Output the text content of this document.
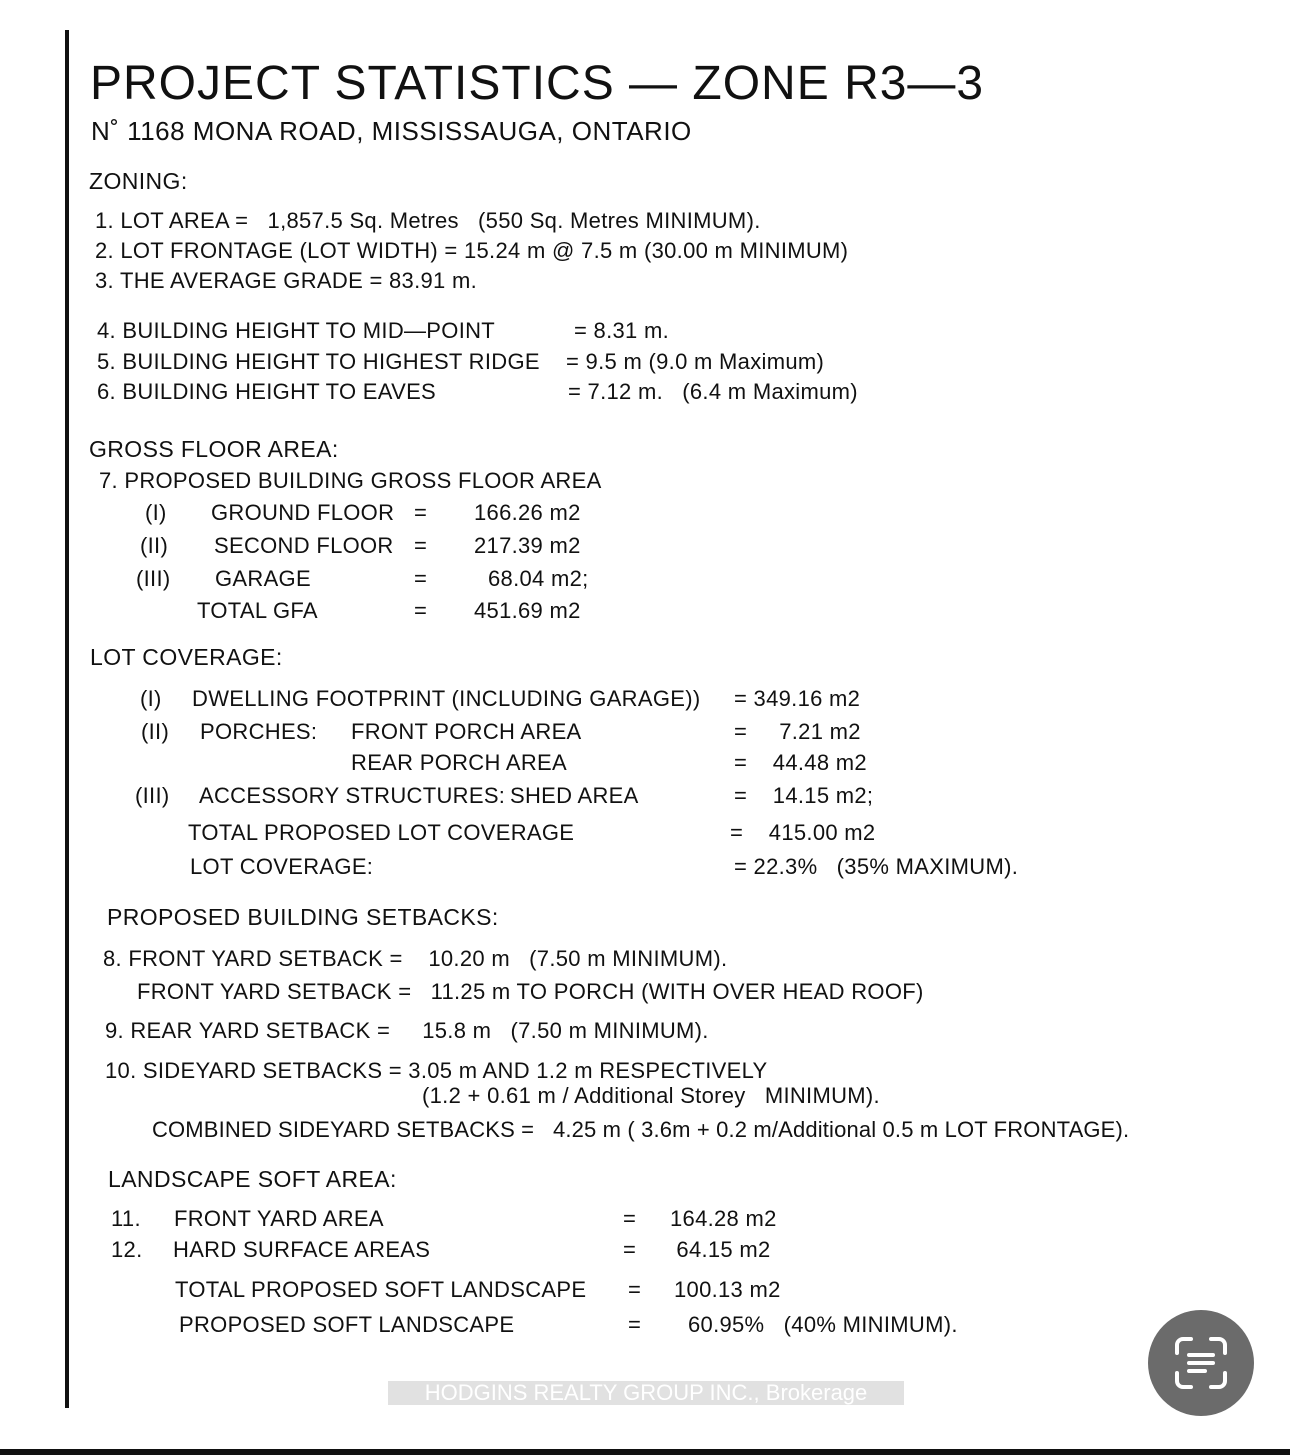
PROJECT STATISTICS — ZONE R3—3
N˚ 1168 MONA ROAD, MISSISSAUGA, ONTARIO
ZONING:
1. LOT AREA =   1,857.5 Sq. Metres   (550 Sq. Metres MINIMUM).
2. LOT FRONTAGE (LOT WIDTH) = 15.24 m @ 7.5 m (30.00 m MINIMUM)
3. THE AVERAGE GRADE = 83.91 m.
4. BUILDING HEIGHT TO MID—POINT	= 8.31 m.
5. BUILDING HEIGHT TO HIGHEST RIDGE = 9.5 m (9.0 m Maximum)
6. BUILDING HEIGHT TO EAVES	= 7.12 m.   (6.4 m Maximum)
GROSS FLOOR AREA:
7. PROPOSED BUILDING GROSS FLOOR AREA
(I) GROUND FLOOR = 166.26 m2
(II) SECOND FLOOR = 217.39 m2
(III) GARAGE	=	68.04 m2;
TOTAL GFA	= 451.69 m2
LOT COVERAGE:
(I) DWELLING FOOTPRINT (INCLUDING GARAGE)) = 349.16 m2
(II) PORCHES: FRONT PORCH AREA	=     7.21 m2
REAR PORCH AREA	=    44.48 m2
(III) ACCESSORY STRUCTURES: SHED AREA	=    14.15 m2;
TOTAL PROPOSED LOT COVERAGE	=    415.00 m2
LOT COVERAGE:	= 22.3%   (35% MAXIMUM).
PROPOSED BUILDING SETBACKS:
8. FRONT YARD SETBACK =    10.20 m   (7.50 m MINIMUM).
FRONT YARD SETBACK =   11.25 m TO PORCH (WITH OVER HEAD ROOF)
9. REAR YARD SETBACK =     15.8 m   (7.50 m MINIMUM).
10. SIDEYARD SETBACKS = 3.05 m AND 1.2 m RESPECTIVELY
(1.2 + 0.61 m / Additional Storey   MINIMUM).
COMBINED SIDEYARD SETBACKS =   4.25 m ( 3.6m + 0.2 m/Additional 0.5 m LOT FRONTAGE).
LANDSCAPE SOFT AREA:
11. FRONT YARD AREA	= 164.28 m2
12. HARD SURFACE AREAS	= 64.15 m2
TOTAL PROPOSED SOFT LANDSCAPE = 100.13 m2
PROPOSED SOFT LANDSCAPE	= 60.95%   (40% MINIMUM).
HODGINS REALTY GROUP INC., Brokerage
